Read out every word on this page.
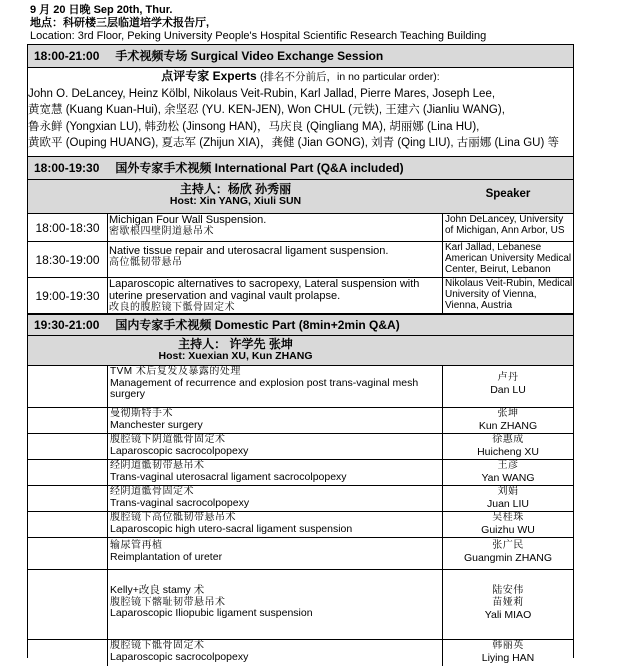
9 月 20 日晚 Sep 20th, Thur.
地点：科研楼三层临道培学术报告厅,
Location: 3rd Floor, Peking University People's Hospital Scientific Research Teaching Building
18:00-21:00 手术视频专场 Surgical Video Exchange Session
点评专家 Experts (排名不分前后，in no particular order):
John O. DeLancey, Heinz Kölbl, Nikolaus Veit-Rubin, Karl Jallad, Pierre Mares, Joseph Lee,
黄宽慧 (Kuang Kuan-Hui), 余坚忍 (YU. KEN-JEN), Won CHUL (元铁), 王建六 (Jianliu WANG),
鲁永鲜 (Yongxian LU), 韩劲松 (Jinsong HAN)，马庆良 (Qingliang MA), 胡丽娜 (Lina HU),
黄欧平 (Ouping HUANG), 夏志军 (Zhijun XIA)，龚健 (Jian GONG), 刘青 (Qing LIU), 古丽娜 (Lina GU) 等
18:00-19:30 国外专家手术视频 International Part (Q&A included)
主持人：杨欣 孙秀丽
Host: Xin YANG, Xiuli SUN
Speaker
18:00-18:30
Michigan Four Wall Suspension.
密歇根四壁阴道悬吊术
John DeLancey, University of Michigan, Ann Arbor, US
18:30-19:00
Native tissue repair and uterosacral ligament suspension.
高位骶韧带悬吊
Karl Jallad, Lebanese American University Medical Center, Beirut, Lebanon
19:00-19:30
Laparoscopic alternatives to sacropexy, Lateral suspension with uterine preservation and vaginal vault prolapse.
改良的腹腔镜下骶骨固定术
Nikolaus Veit-Rubin, Medical University of Vienna, Vienna, Austria
19:30-21:00 国内专家手术视频 Domestic Part (8min+2min Q&A)
主持人： 许学先 张坤
Host: Xuexian XU, Kun ZHANG
TVM 术后复发及暴露的处理
Management of recurrence and explosion post trans-vaginal mesh surgery
卢丹
Dan LU
曼彻斯特手术
Manchester surgery
张坤
Kun ZHANG
腹腔镜下阴道骶骨固定术
Laparoscopic sacrocolpopexy
徐惠成
Huicheng XU
经阴道骶韧带悬吊术
Trans-vaginal uterosacral ligament sacrocolpopexy
王彦
Yan WANG
经阴道骶骨固定术
Trans-vaginal sacrocolpopexy
刘娟
Juan LIU
腹腔镜下高位骶韧带悬吊术
Laparoscopic high utero-sacral ligament suspension
吴桂珠
Guizhu WU
输尿管再植
Reimplantation of ureter
张广民
Guangmin ZHANG
Kelly+改良 stamy 术
腹腔镜下髂耻韧带悬吊术
Laparoscopic Iliopubic ligament suspension
陆安伟
苗娅莉
Yali MIAO
腹腔镜下骶骨固定术
Laparoscopic sacrocolpopexy
韩丽英
Liying HAN
